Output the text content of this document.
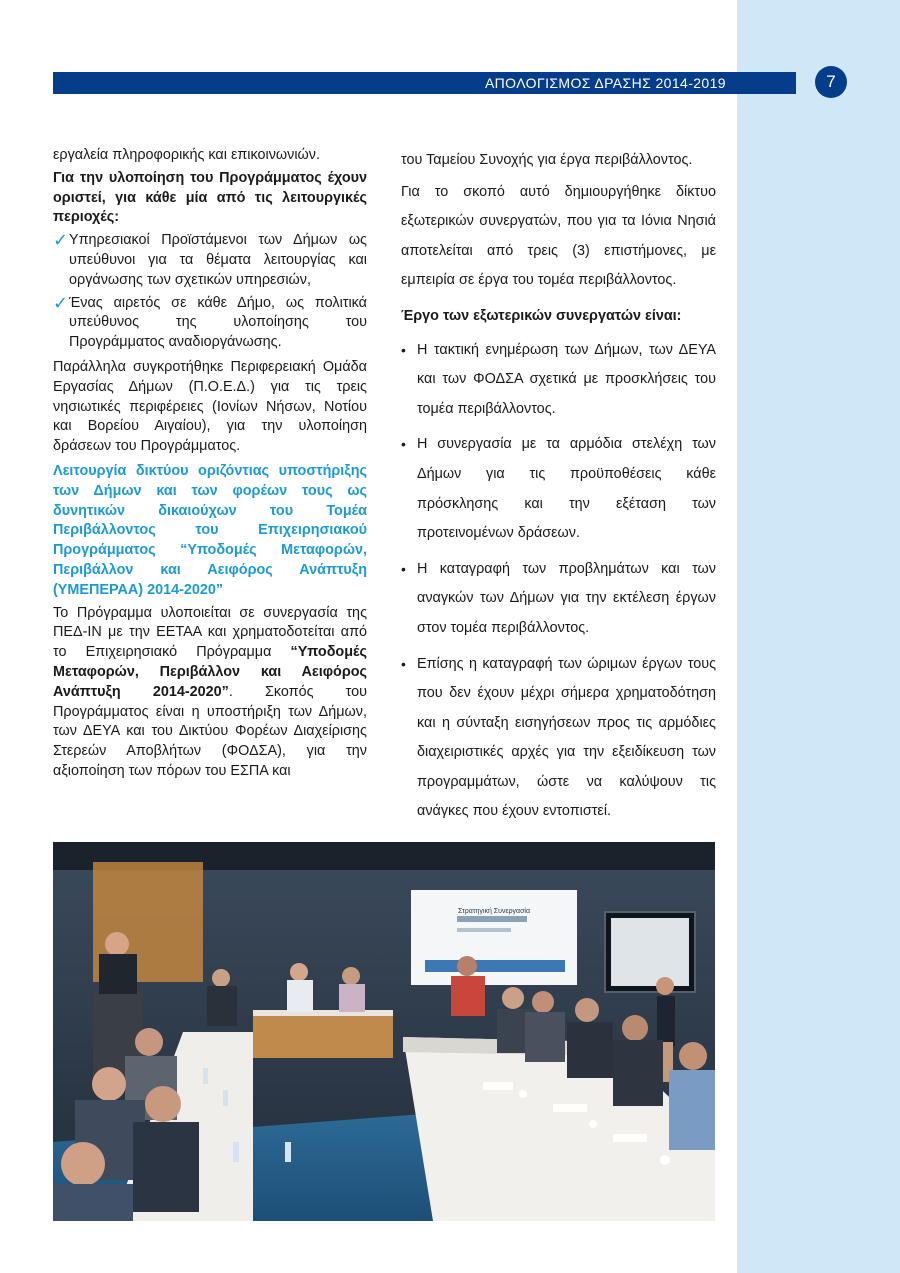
ΑΠΟΛΟΓΙΣΜΟΣ ΔΡΑΣΗΣ 2014-2019	7

εργαλεία πληροφορικής και επικοινωνιών.

Για την υλοποίηση του Προγράμματος έχουν οριστεί, για κάθε μία από τις λειτουργικές περιοχές:

✓ Υπηρεσιακοί Προϊστάμενοι των Δήμων ως υπεύθυνοι για τα θέματα λειτουργίας και οργάνωσης των σχετικών υπηρεσιών,
✓ Ένας αιρετός σε κάθε Δήμο, ως πολιτικά υπεύθυνος της υλοποίησης του Προγράμματος αναδιοργάνωσης.

Παράλληλα συγκροτήθηκε Περιφερειακή Ομάδα Εργασίας Δήμων (Π.Ο.Ε.Δ.) για τις τρεις νησιωτικές περιφέρειες (Ιονίων Νήσων, Νοτίου και Βορείου Αιγαίου), για την υλοποίηση δράσεων του Προγράμματος.

Λειτουργία δικτύου οριζόντιας υποστήριξης των Δήμων και των φορέων τους ως δυνητικών δικαιούχων του Τομέα Περιβάλλοντος του Επιχειρησιακού Προγράμματος “Υποδομές Μεταφορών, Περιβάλλον και Αειφόρος Ανάπτυξη (ΥΜΕΠΕΡΑΑ) 2014-2020”

Το Πρόγραμμα υλοποιείται σε συνεργασία της ΠΕΔ-ΙΝ με την ΕΕΤΑΑ και χρηματοδοτείται από το Επιχειρησιακό Πρόγραμμα “Υποδομές Μεταφορών, Περιβάλλον και Αειφόρος Ανάπτυξη 2014-2020”. Σκοπός του Προγράμματος είναι η υποστήριξη των Δήμων, των ΔΕΥΑ και του Δικτύου Φορέων Διαχείρισης Στερεών Αποβλήτων (ΦΟΔΣΑ), για την αξιοποίηση των πόρων του ΕΣΠΑ και

του Ταμείου Συνοχής για έργα περιβάλλοντος.

Για το σκοπό αυτό δημιουργήθηκε δίκτυο εξωτερικών συνεργατών, που για τα Ιόνια Νησιά αποτελείται από τρεις (3) επιστήμονες, με εμπειρία σε έργα του τομέα περιβάλλοντος.

Έργο των εξωτερικών συνεργατών είναι:

• Η τακτική ενημέρωση των Δήμων, των ΔΕΥΑ και των ΦΟΔΣΑ σχετικά με προσκλήσεις του τομέα περιβάλλοντος.
• Η συνεργασία με τα αρμόδια στελέχη των Δήμων για τις προϋποθέσεις κάθε πρόσκλησης και την εξέταση των προτεινομένων δράσεων.
• Η καταγραφή των προβλημάτων και των αναγκών των Δήμων για την εκτέλεση έργων στον τομέα περιβάλλοντος.
• Επίσης η καταγραφή των ώριμων έργων τους που δεν έχουν μέχρι σήμερα χρηματοδότηση και η σύνταξη εισηγήσεων προς τις αρμόδιες διαχειριστικές αρχές για την εξειδίκευση των προγραμμάτων, ώστε να καλύψουν τις ανάγκες που έχουν εντοπιστεί.
Στρατηγική Συνεργασία
